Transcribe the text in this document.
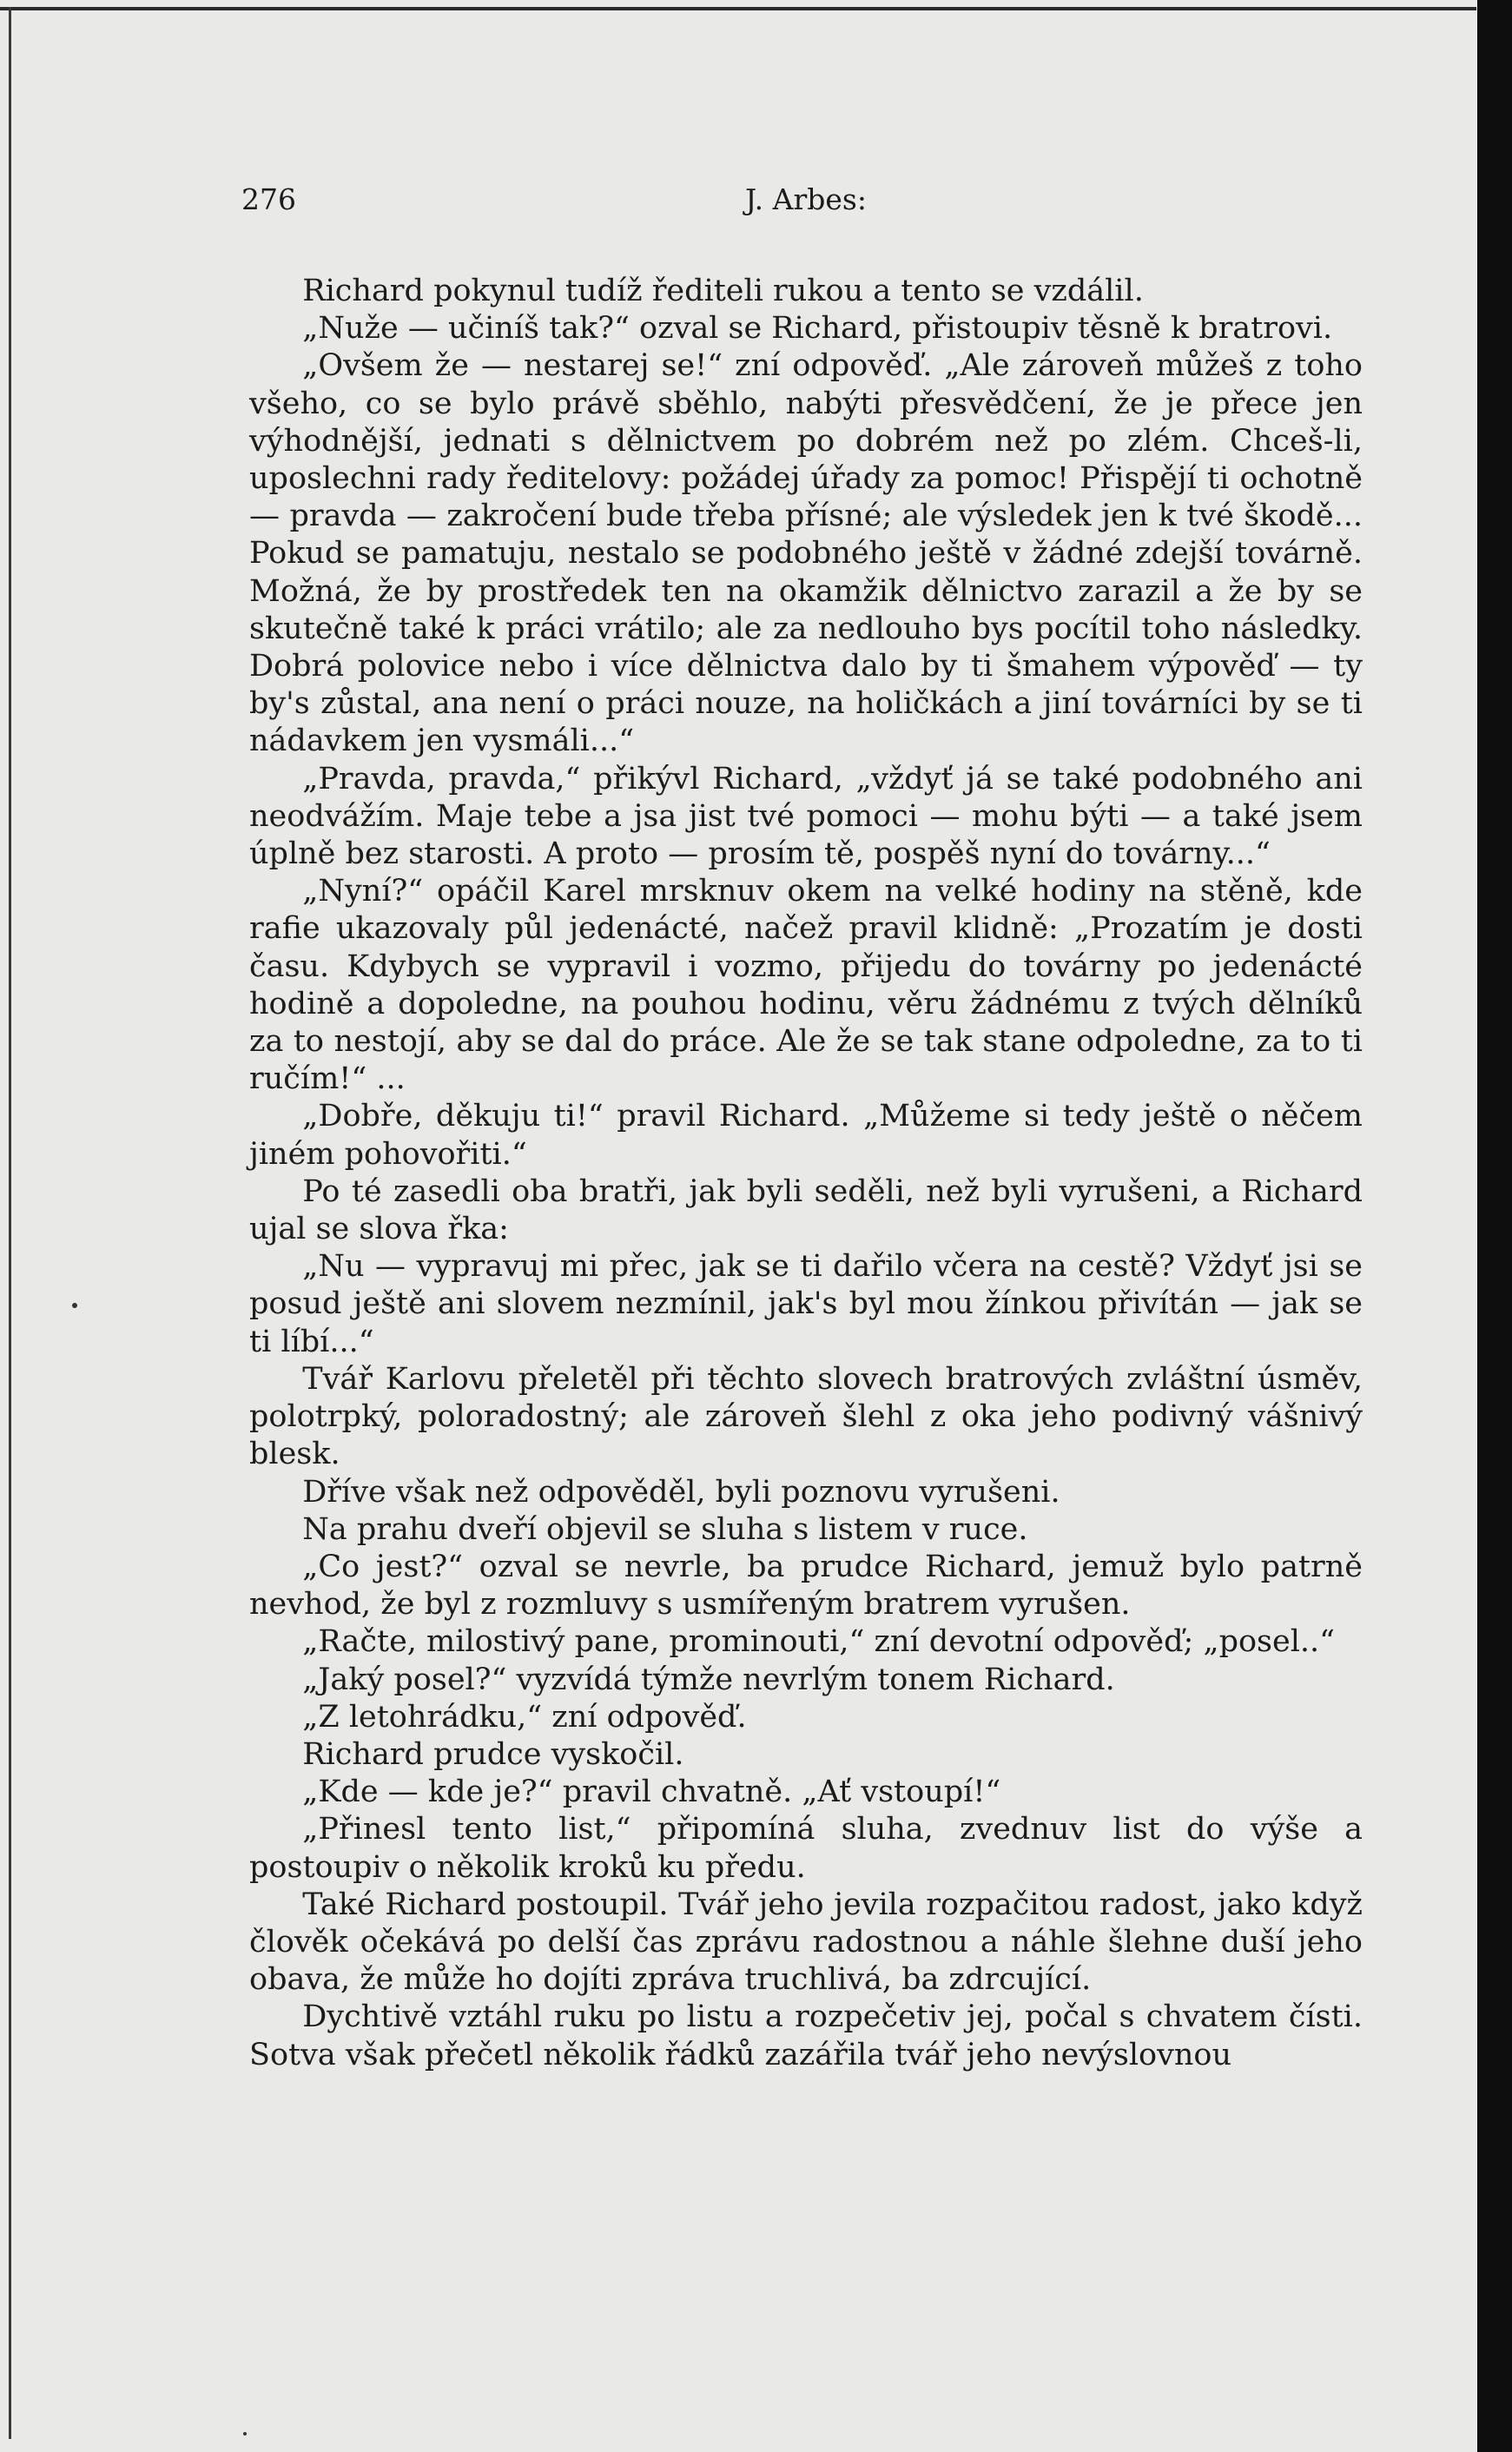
276	J. Arbes:

Richard pokynul tudíž řediteli rukou a tento se vzdálil.

„Nuže — učiníš tak?“ ozval se Richard, přistoupiv těsně k bratrovi.

„Ovšem že — nestarej se!“ zní odpověď. „Ale zároveň můžeš z toho všeho, co se bylo právě sběhlo, nabýti přesvědčení, že je přece jen výhodnější, jednati s dělnictvem po dobrém než po zlém. Chceš-li, uposlechni rady ředitelovy: požádej úřady za pomoc! Přispějí ti ochotně — pravda — zakročení bude třeba přísné; ale výsledek jen k tvé škodě... Pokud se pamatuju, nestalo se podobného ještě v žádné zdejší továrně. Možná, že by prostředek ten na okamžik dělnictvo zarazil a že by se skutečně také k práci vrátilo; ale za nedlouho bys pocítil toho následky. Dobrá polovice nebo i více dělnictva dalo by ti šmahem výpověď — ty by's zůstal, ana není o práci nouze, na holičkách a jiní továrníci by se ti nádavkem jen vysmáli...“

„Pravda, pravda,“ přikývl Richard, „vždyť já se také podobného ani neodvážím. Maje tebe a jsa jist tvé pomoci — mohu býti — a také jsem úplně bez starosti. A proto — prosím tě, pospěš nyní do továrny...“

„Nyní?“ opáčil Karel mrsknuv okem na velké hodiny na stěně, kde rafie ukazovaly půl jedenácté, načež pravil klidně: „Prozatím je dosti času. Kdybych se vypravil i vozmo, přijedu do továrny po jedenácté hodině a dopoledne, na pouhou hodinu, věru žádnému z tvých dělníků za to nestojí, aby se dal do práce. Ale že se tak stane odpoledne, za to ti ručím!“ ...

„Dobře, děkuju ti!“ pravil Richard. „Můžeme si tedy ještě o něčem jiném pohovořiti.“

Po té zasedli oba bratři, jak byli seděli, než byli vyrušeni, a Richard ujal se slova řka:

„Nu — vypravuj mi přec, jak se ti dařilo včera na cestě? Vždyť jsi se posud ještě ani slovem nezmínil, jak's byl mou žínkou přivítán — jak se ti líbí...“

Tvář Karlovu přeletěl při těchto slovech bratrových zvláštní úsměv, polotrpký, poloradostný; ale zároveň šlehl z oka jeho podivný vášnivý blesk.

Dříve však než odpověděl, byli poznovu vyrušeni.

Na prahu dveří objevil se sluha s listem v ruce.

„Co jest?“ ozval se nevrle, ba prudce Richard, jemuž bylo patrně nevhod, že byl z rozmluvy s usmířeným bratrem vyrušen.

„Račte, milostivý pane, prominouti,“ zní devotní odpověď; „posel..“

„Jaký posel?“ vyzvídá týmže nevrlým tonem Richard.

„Z letohrádku,“ zní odpověď.

Richard prudce vyskočil.

„Kde — kde je?“ pravil chvatně. „Ať vstoupí!“

„Přinesl tento list,“ připomíná sluha, zvednuv list do výše a postoupiv o několik kroků ku předu.

Také Richard postoupil. Tvář jeho jevila rozpačitou radost, jako když člověk očekává po delší čas zprávu radostnou a náhle šlehne duší jeho obava, že může ho dojíti zpráva truchlivá, ba zdrcující.

Dychtivě vztáhl ruku po listu a rozpečetiv jej, počal s chvatem čísti. Sotva však přečetl několik řádků zazářila tvář jeho nevýslovnou
